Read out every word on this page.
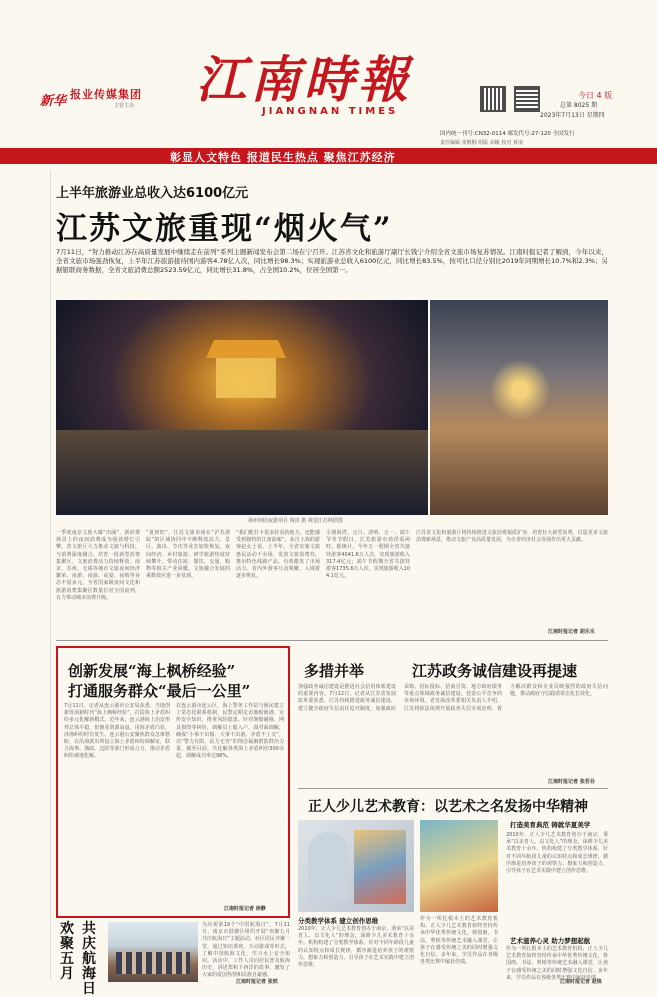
新华 报业传媒集团
主管主办 江南時報
JIANGNAN TIMES
今日 4 版
总第 8025 期
2023年7月13日 星期四
国内统一刊号:CN32-0114 邮发代号:27-120 全国发行
责任编辑 张继桐 组版 高峻 校对 黄凌
彰显人文特色 报道民生热点 聚焦江苏经济
上半年旅游业总收入达6100亿元
江苏文旅重现“烟火气”
7月11日，“努力推动江苏在高质量发展中继续走在前列”系列主题新闻发布会第二场在宁召开。江苏省文化和旅游厅副厅长钱宁介绍全省文旅市场复苏情况。江南时报记者了解到，今年以来，全省文旅市场强劲恢复，上半年江苏旅游接待国内游客4.78亿人次，同比增长98.3%；实现旅游业总收入6100亿元，同比增长83.5%，按可比口径分别比2019年同期增长10.7%和2.3%；另据银联商务数据，全省文旅消费总额2523.59亿元，同比增长31.8%，占全国10.2%，位居全国第一。
扬州何园夜游项目 钱寅 摄 视觉江苏网供图
一季度南京文旅大爆“出圈”，新消费场景上的夜间消费成为强劲增长引擎。省文旅厅大力推动文旅与科技、与消费深度融合，培育一批新型消费集聚区，文旅消费活力持续释放。南京、苏州、无锡等城市文旅夜间经济繁荣，夜游、夜演、夜宴、夜购等业态丰富多元。全省国家级夜间文化和旅游消费集聚区数量位居全国前列，有力带动城市消费升级。
“夏到旺”，江苏文旅市场在“沪苏浙皖”的区域协同中不断释放活力。景区、演出、节庆等业态加快恢复，夜间经济、乡村旅游、研学旅游热度持续攀升，带动住宿、餐饮、交通、购物等相关产业回暖，文旅融合发展的乘数效应进一步显现。
“我们能打卡很多好看的地方，还能感受到独特的江南韵味”。来自上海的游客赵女士说。上半年，全省实施文旅惠民活动千余场，发放文旅消费券，推出特色线路产品，有效激发了市场活力。省内外游客互动频繁，入境游逐步恢复。
小渤海湾、元旦、清明、五一、端午节等节假日，江苏旅游市场供需两旺。据统计，今年五一假期全省共接待游客4041.6万人次，实现旅游收入317.4亿元；端午节假期全省共接待游客1735.6万人次，实现旅游收入104.1亿元。
江苏省文化和旅游厅将持续推进文旅消费提质扩容，培育壮大新型消费，打造更多文旅消费新场景，推动文旅产业高质量发展，为全省经济社会发展作出更大贡献。
江南时报记者 胡乐乐
创新发展“海上枫桥经验”
打通服务群众“最后一公里”
7月11日，记者从连云港市公安局获悉，当地创新发展新时代“海上枫桥经验”，打造海上矛盾纠纷多元化解新模式。近年来，连云港海上治安形势总体平稳，但渔业资源衰退、用海矛盾凸显，涉渔纠纷时有发生。连云港公安聚焦群众急难愁盼，在沿海派出所设立海上矛盾纠纷调解室，联合海事、渔政、边防等部门形成合力，推动矛盾纠纷就地化解。
在连云港市连云区，海上警务工作站与渔民建立了常态化联系机制，民警定期走访渔船渔港，宣传安全知识，排查风险隐患。针对渔船碰撞、网具损毁等纠纷，调解员上船入户、面对面调解，确保“小事不出船、大事不出港、矛盾不上交”，以“警力有限、民力无穷”的理念凝聚群防群治力量。截至目前，共化解各类海上矛盾纠纷300余起，调解成功率达98%。
江南时报记者 徐静
多措并举	江苏政务诚信建设再提速
加强政务诚信建设是推进社会信用体系建设的重要内容。7月12日，记者从江苏省发展改革委获悉，江苏持续推进政务诚信建设，建立健全政府失信责任追究制度，加强政府采购、招标投标、招商引资、地方政府债务等重点领域政务诚信建设，营造公平竞争的市场环境。省发展改革委相关负责人介绍，江苏将依法依规开展政务失信专项治理，着力解决群众和企业反映强烈的政府失信问题，推动政府守信践诺常态化长效化。
江南时报记者 张若谷
正人少儿艺术教育：以艺术之名发扬中华精神
分类教学体系 建立创作思维
2010年，正人少儿艺术教育创办于南京，秉承“以美育人、以文化人”的理念，深耕少儿美术教育十余年。机构构建了分类教学体系，针对不同年龄段儿童的认知特点和成长规律，循序渐进培养孩子的观察力、想象力和创造力，引导孩子在艺术实践中建立创作思维。
作为一所扎根本土的艺术教育机构，正人少儿艺术教育始终坚持传承中华优秀传统文化，将国画、书法、剪纸等传统艺术融入课堂，让孩子在感受传统之美的同时增强文化自信。多年来，学员作品在各级各类比赛中屡获佳绩。
打造美育典范 铸就华夏美学
2010年，正人少儿艺术教育创办于南京，秉承“以美育人、以文化人”的理念，深耕少儿美术教育十余年。机构构建了分类教学体系，针对不同年龄段儿童的认知特点和成长规律，循序渐进培养孩子的观察力、想象力和创造力，引导孩子在艺术实践中建立创作思维。
艺术滋养心灵 助力梦想起航
作为一所扎根本土的艺术教育机构，正人少儿艺术教育始终坚持传承中华优秀传统文化，将国画、书法、剪纸等传统艺术融入课堂，让孩子在感受传统之美的同时增强文化自信。多年来，学员作品在各级各类比赛中屡获佳绩。
江南时报记者 赵姝
欢聚五月
共庆航海日
为庆祝第19个“中国航海日”，7月11日，南京市鼓楼区组织开展“欢聚五月 共庆航海日”主题活动，社区居民齐聚一堂，通过知识讲座、互动游戏等形式，了解中国航海文化，学习水上安全知识。活动中，工作人员向居民普及航海历史，讲述郑和下西洋的故事，激发了大家的爱国热情和民族自豪感。
江南时报记者 张轶
